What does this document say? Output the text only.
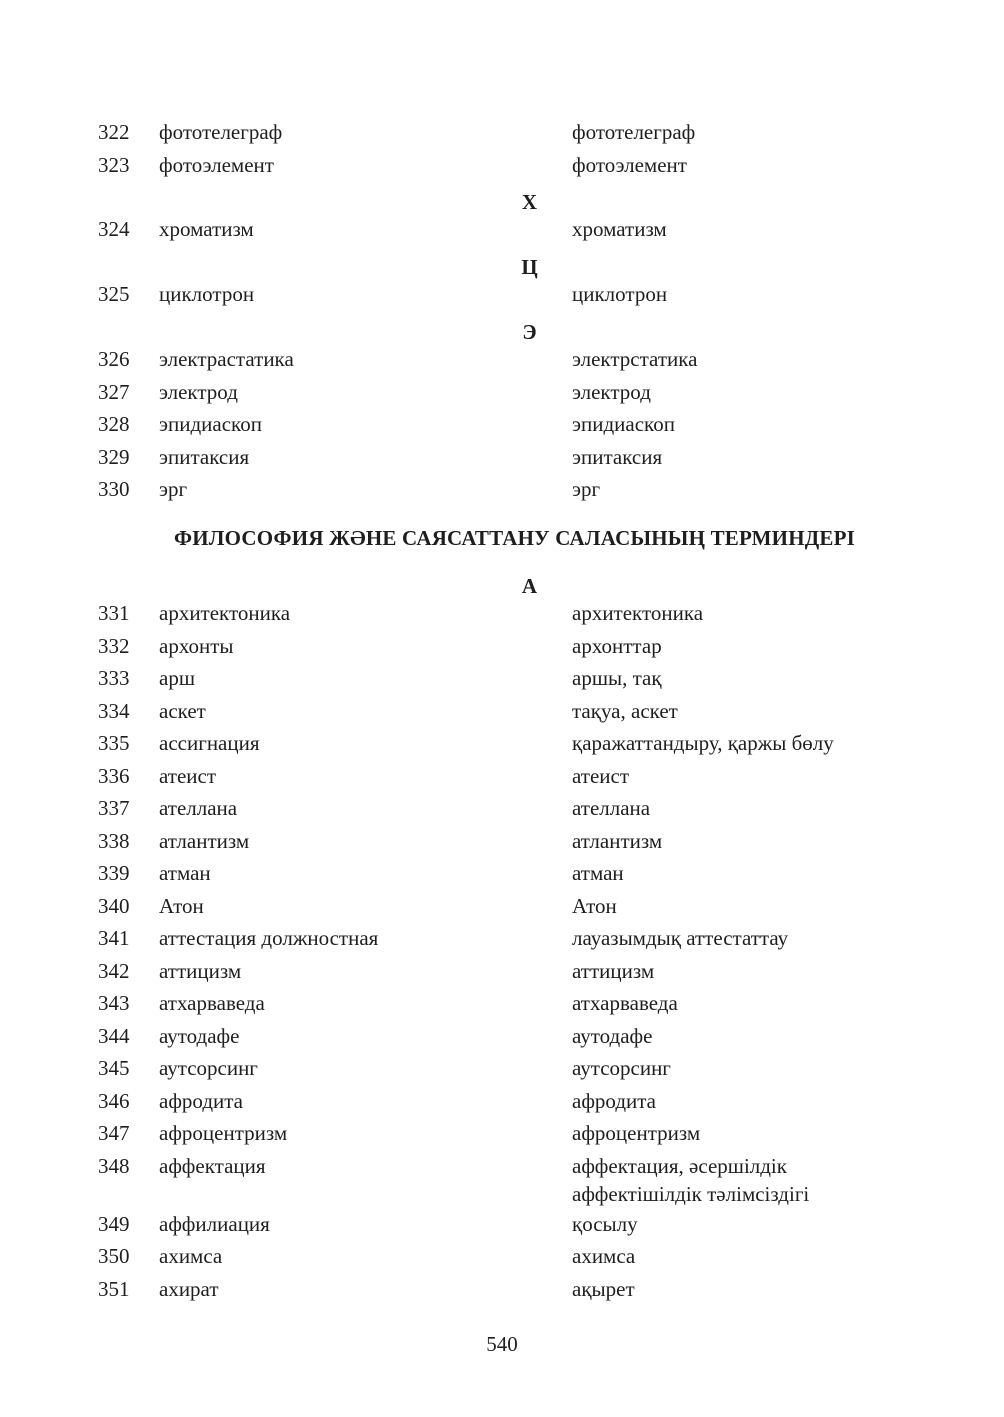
322	фототелеграф	фототелеграф
323	фотоэлемент	фотоэлемент
Х
324	хроматизм	хроматизм
Ц
325	циклотрон	циклотрон
Э
326	электрастатика	электрстатика
327	электрод	электрод
328	эпидиаскоп	эпидиаскоп
329	эпитаксия	эпитаксия
330	эрг	эрг
ФИЛОСОФИЯ ЖӘНЕ САЯСАТТАНУ САЛАСЫНЫҢ ТЕРМИНДЕРІ
А
331	архитектоника	архитектоника
332	архонты	архонттар
333	арш	аршы, тақ
334	аскет	тақуа, аскет
335	ассигнация	қаражаттандыру, қаржы бөлу
336	атеист	атеист
337	ателлана	ателлана
338	атлантизм	атлантизм
339	атман	атман
340	Атон	Атон
341	аттестация должностная	лауазымдық аттестаттау
342	аттицизм	аттицизм
343	атхарваведа	атхарваведа
344	аутодафе	аутодафе
345	аутсорсинг	аутсорсинг
346	афродита	афродита
347	афроцентризм	афроцентризм
348	аффектация	аффектация, әсершілдік
аффектішілдік тәлімсіздігі
349	аффилиация	қосылу
350	ахимса	ахимса
351	ахират	ақырет
540
